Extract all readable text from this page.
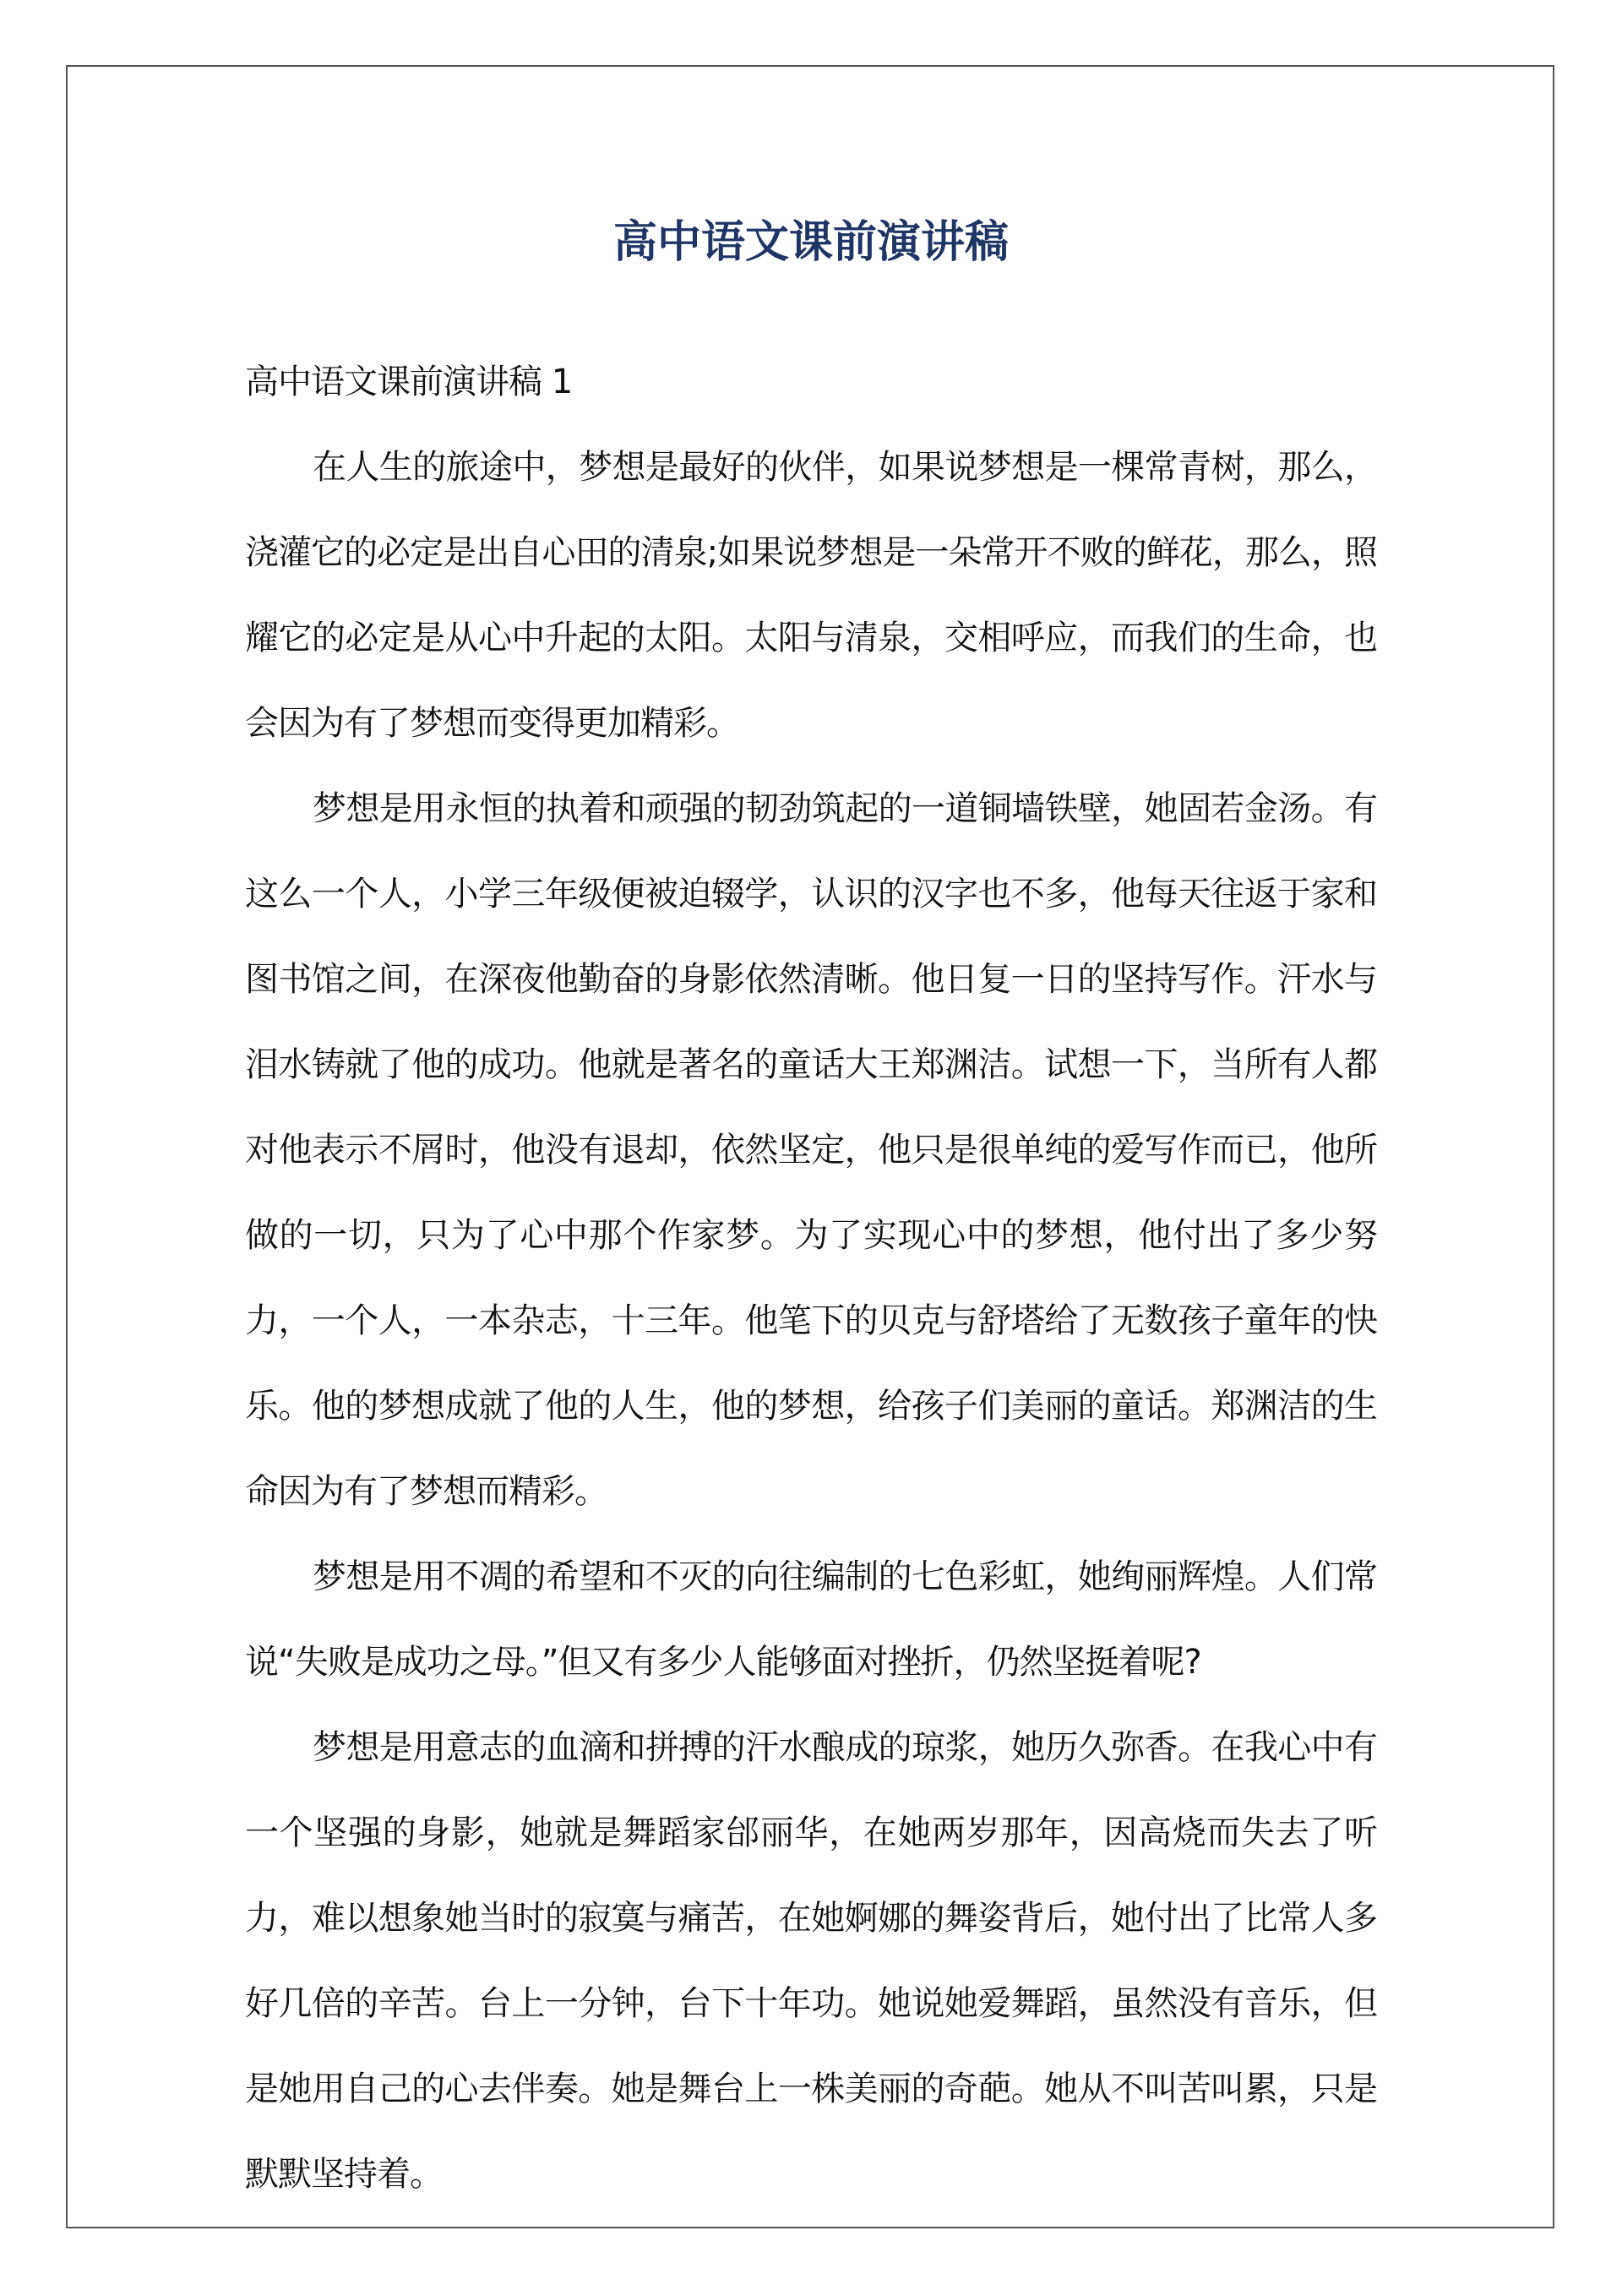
高中语文课前演讲稿

高中语文课前演讲稿 1

在人生的旅途中，梦想是最好的伙伴，如果说梦想是一棵常青树，那么，浇灌它的必定是出自心田的清泉;如果说梦想是一朵常开不败的鲜花，那么，照耀它的必定是从心中升起的太阳。太阳与清泉，交相呼应，而我们的生命，也会因为有了梦想而变得更加精彩。

梦想是用永恒的执着和顽强的韧劲筑起的一道铜墙铁壁，她固若金汤。有这么一个人，小学三年级便被迫辍学，认识的汉字也不多，他每天往返于家和图书馆之间，在深夜他勤奋的身影依然清晰。他日复一日的坚持写作。汗水与泪水铸就了他的成功。他就是著名的童话大王郑渊洁。试想一下，当所有人都对他表示不屑时，他没有退却，依然坚定，他只是很单纯的爱写作而已，他所做的一切，只为了心中那个作家梦。为了实现心中的梦想，他付出了多少努力，一个人，一本杂志，十三年。他笔下的贝克与舒塔给了无数孩子童年的快乐。他的梦想成就了他的人生，他的梦想，给孩子们美丽的童话。郑渊洁的生命因为有了梦想而精彩。

梦想是用不凋的希望和不灭的向往编制的七色彩虹，她绚丽辉煌。人们常说“失败是成功之母。”但又有多少人能够面对挫折，仍然坚挺着呢?

梦想是用意志的血滴和拼搏的汗水酿成的琼浆，她历久弥香。在我心中有一个坚强的身影，她就是舞蹈家邰丽华，在她两岁那年，因高烧而失去了听力，难以想象她当时的寂寞与痛苦，在她婀娜的舞姿背后，她付出了比常人多好几倍的辛苦。台上一分钟，台下十年功。她说她爱舞蹈，虽然没有音乐，但是她用自己的心去伴奏。她是舞台上一株美丽的奇葩。她从不叫苦叫累，只是默默坚持着。
